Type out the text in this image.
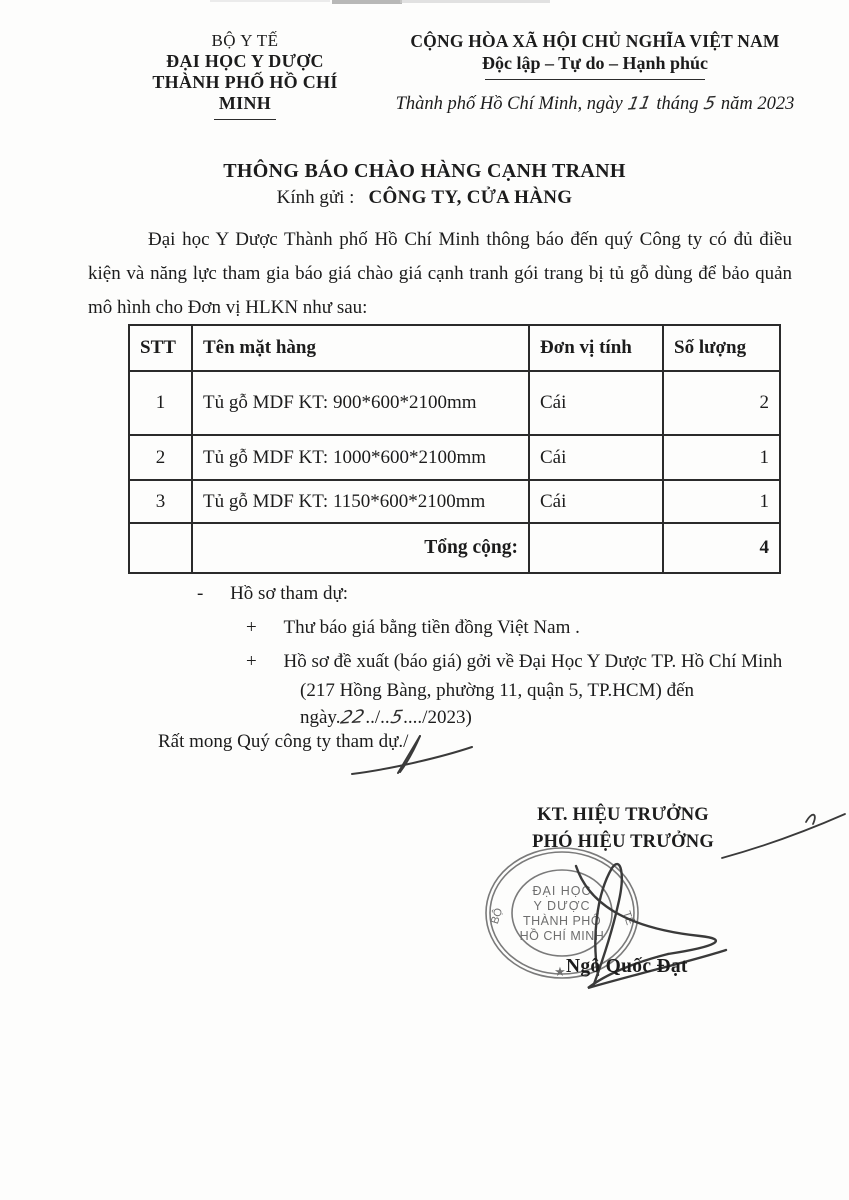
BỘ Y TẾ
ĐẠI HỌC Y DƯỢC
THÀNH PHỐ HỒ CHÍ MINH
CỘNG HÒA XÃ HỘI CHỦ NGHĨA VIỆT NAM
Độc lập – Tự do – Hạnh phúc
Thành phố Hồ Chí Minh, ngày 11 tháng 5 năm 2023
THÔNG BÁO CHÀO HÀNG CẠNH TRANH
Kính gửi : CÔNG TY, CỬA HÀNG
Đại học Y Dược Thành phố Hồ Chí Minh thông báo đến quý Công ty có đủ điều kiện và năng lực tham gia báo giá chào giá cạnh tranh gói trang bị tủ gỗ dùng để bảo quản mô hình cho Đơn vị HLKN như sau:
STT	Tên mặt hàng	Đơn vị tính	Số lượng
1	Tủ gỗ MDF KT: 900*600*2100mm	Cái	2
2	Tủ gỗ MDF KT: 1000*600*2100mm	Cái	1
3	Tủ gỗ MDF KT: 1150*600*2100mm	Cái	1
	Tổng cộng:		4
- Hồ sơ tham dự:
+ Thư báo giá bằng tiền đồng Việt Nam .
+ Hồ sơ đề xuất (báo giá) gởi về Đại Học Y Dược TP. Hồ Chí Minh
(217 Hồng Bàng, phường 11, quận 5, TP.HCM) đến
ngày.22../..5..../2023)
Rất mong Quý công ty tham dự./
KT. HIỆU TRƯỞNG
PHÓ HIỆU TRƯỞNG
ĐẠI HỌC
Y DƯỢC
THÀNH PHỐ
HỒ CHÍ MINH
BỘ	TẾ
★ Ngô Quốc Đạt
